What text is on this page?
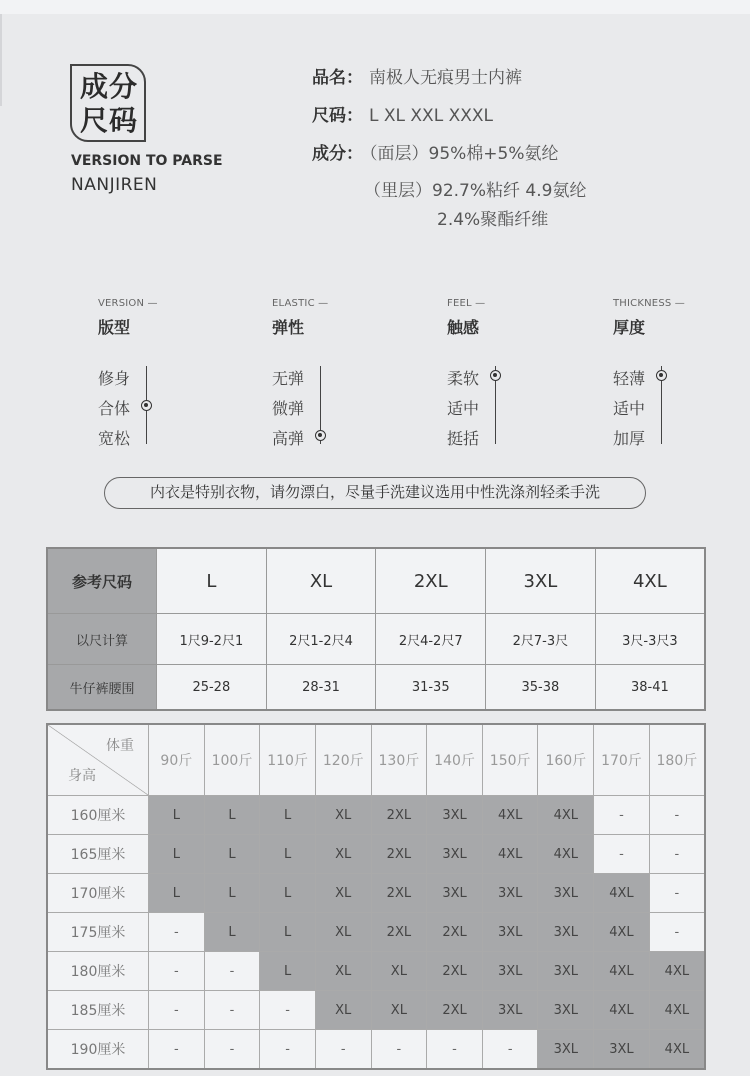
成分
尺码
VERSION TO PARSE
NANJIREN
品名： 南极人无痕男士内裤
尺码： L XL XXL XXXL
成分： （面层）95%棉+5%氨纶
（里层）92.7%粘纤 4.9氨纶
2.4%聚酯纤维
VERSION —
版型
修身
合体
宽松
ELASTIC —
弹性
无弹
微弹
高弹
FEEL —
触感
柔软
适中
挺括
THICKNESS —
厚度
轻薄
适中
加厚
内衣是特别衣物，请勿漂白，尽量手洗建议选用中性洗涤剂轻柔手洗
参考尺码	L	XL	2XL	3XL	4XL
以尺计算	1尺9-2尺1	2尺1-2尺4	2尺4-2尺7	2尺7-3尺	3尺-3尺3
牛仔裤腰围	25-28	28-31	31-35	35-38	38-41
体重
身高	90斤	100斤	110斤	120斤	130斤	140斤	150斤	160斤	170斤	180斤
160厘米	L	L	L	XL	2XL	3XL	4XL	4XL	-	-
165厘米	L	L	L	XL	2XL	3XL	4XL	4XL	-	-
170厘米	L	L	L	XL	2XL	3XL	3XL	3XL	4XL	-
175厘米	-	L	L	XL	2XL	2XL	3XL	3XL	4XL	-
180厘米	-	-	L	XL	XL	2XL	3XL	3XL	4XL	4XL
185厘米	-	-	-	XL	XL	2XL	3XL	3XL	4XL	4XL
190厘米	-	-	-	-	-	-	-	3XL	3XL	4XL
